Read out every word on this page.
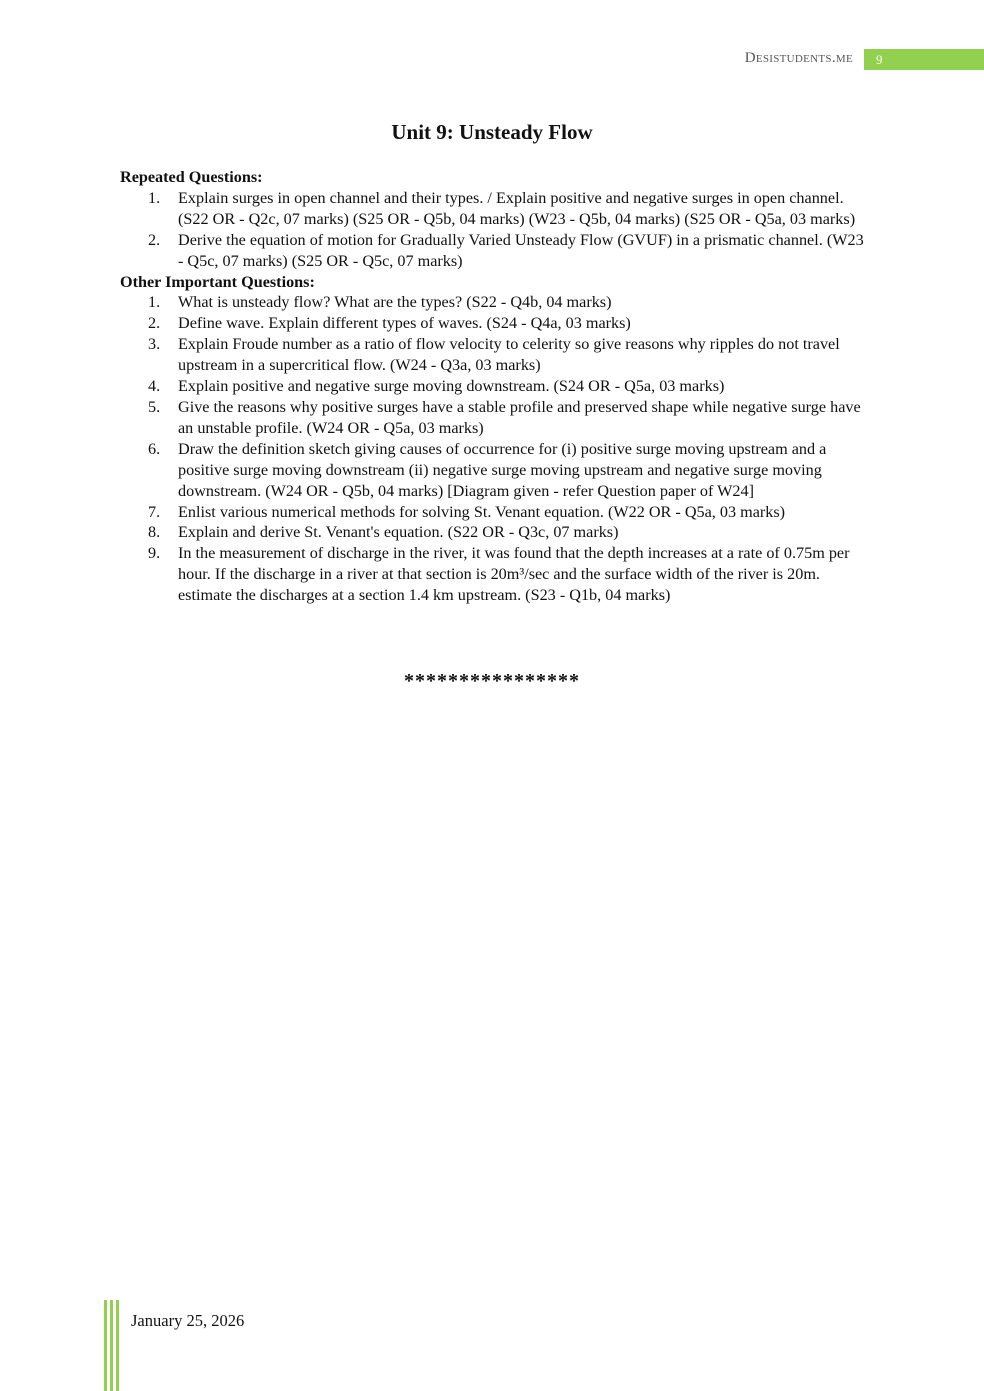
Desistudents.me	9
Unit 9: Unsteady Flow
Repeated Questions:
1. Explain surges in open channel and their types. / Explain positive and negative surges in open channel. (S22 OR - Q2c, 07 marks) (S25 OR - Q5b, 04 marks) (W23 - Q5b, 04 marks) (S25 OR - Q5a, 03 marks)
2. Derive the equation of motion for Gradually Varied Unsteady Flow (GVUF) in a prismatic channel. (W23 - Q5c, 07 marks) (S25 OR - Q5c, 07 marks)
Other Important Questions:
1. What is unsteady flow? What are the types? (S22 - Q4b, 04 marks)
2. Define wave. Explain different types of waves. (S24 - Q4a, 03 marks)
3. Explain Froude number as a ratio of flow velocity to celerity so give reasons why ripples do not travel upstream in a supercritical flow. (W24 - Q3a, 03 marks)
4. Explain positive and negative surge moving downstream. (S24 OR - Q5a, 03 marks)
5. Give the reasons why positive surges have a stable profile and preserved shape while negative surge have an unstable profile. (W24 OR - Q5a, 03 marks)
6. Draw the definition sketch giving causes of occurrence for (i) positive surge moving upstream and a positive surge moving downstream (ii) negative surge moving upstream and negative surge moving downstream. (W24 OR - Q5b, 04 marks) [Diagram given - refer Question paper of W24]
7. Enlist various numerical methods for solving St. Venant equation. (W22 OR - Q5a, 03 marks)
8. Explain and derive St. Venant's equation. (S22 OR - Q3c, 07 marks)
9. In the measurement of discharge in the river, it was found that the depth increases at a rate of 0.75m per hour. If the discharge in a river at that section is 20m³/sec and the surface width of the river is 20m. estimate the discharges at a section 1.4 km upstream. (S23 - Q1b, 04 marks)
****************
January 25, 2026
